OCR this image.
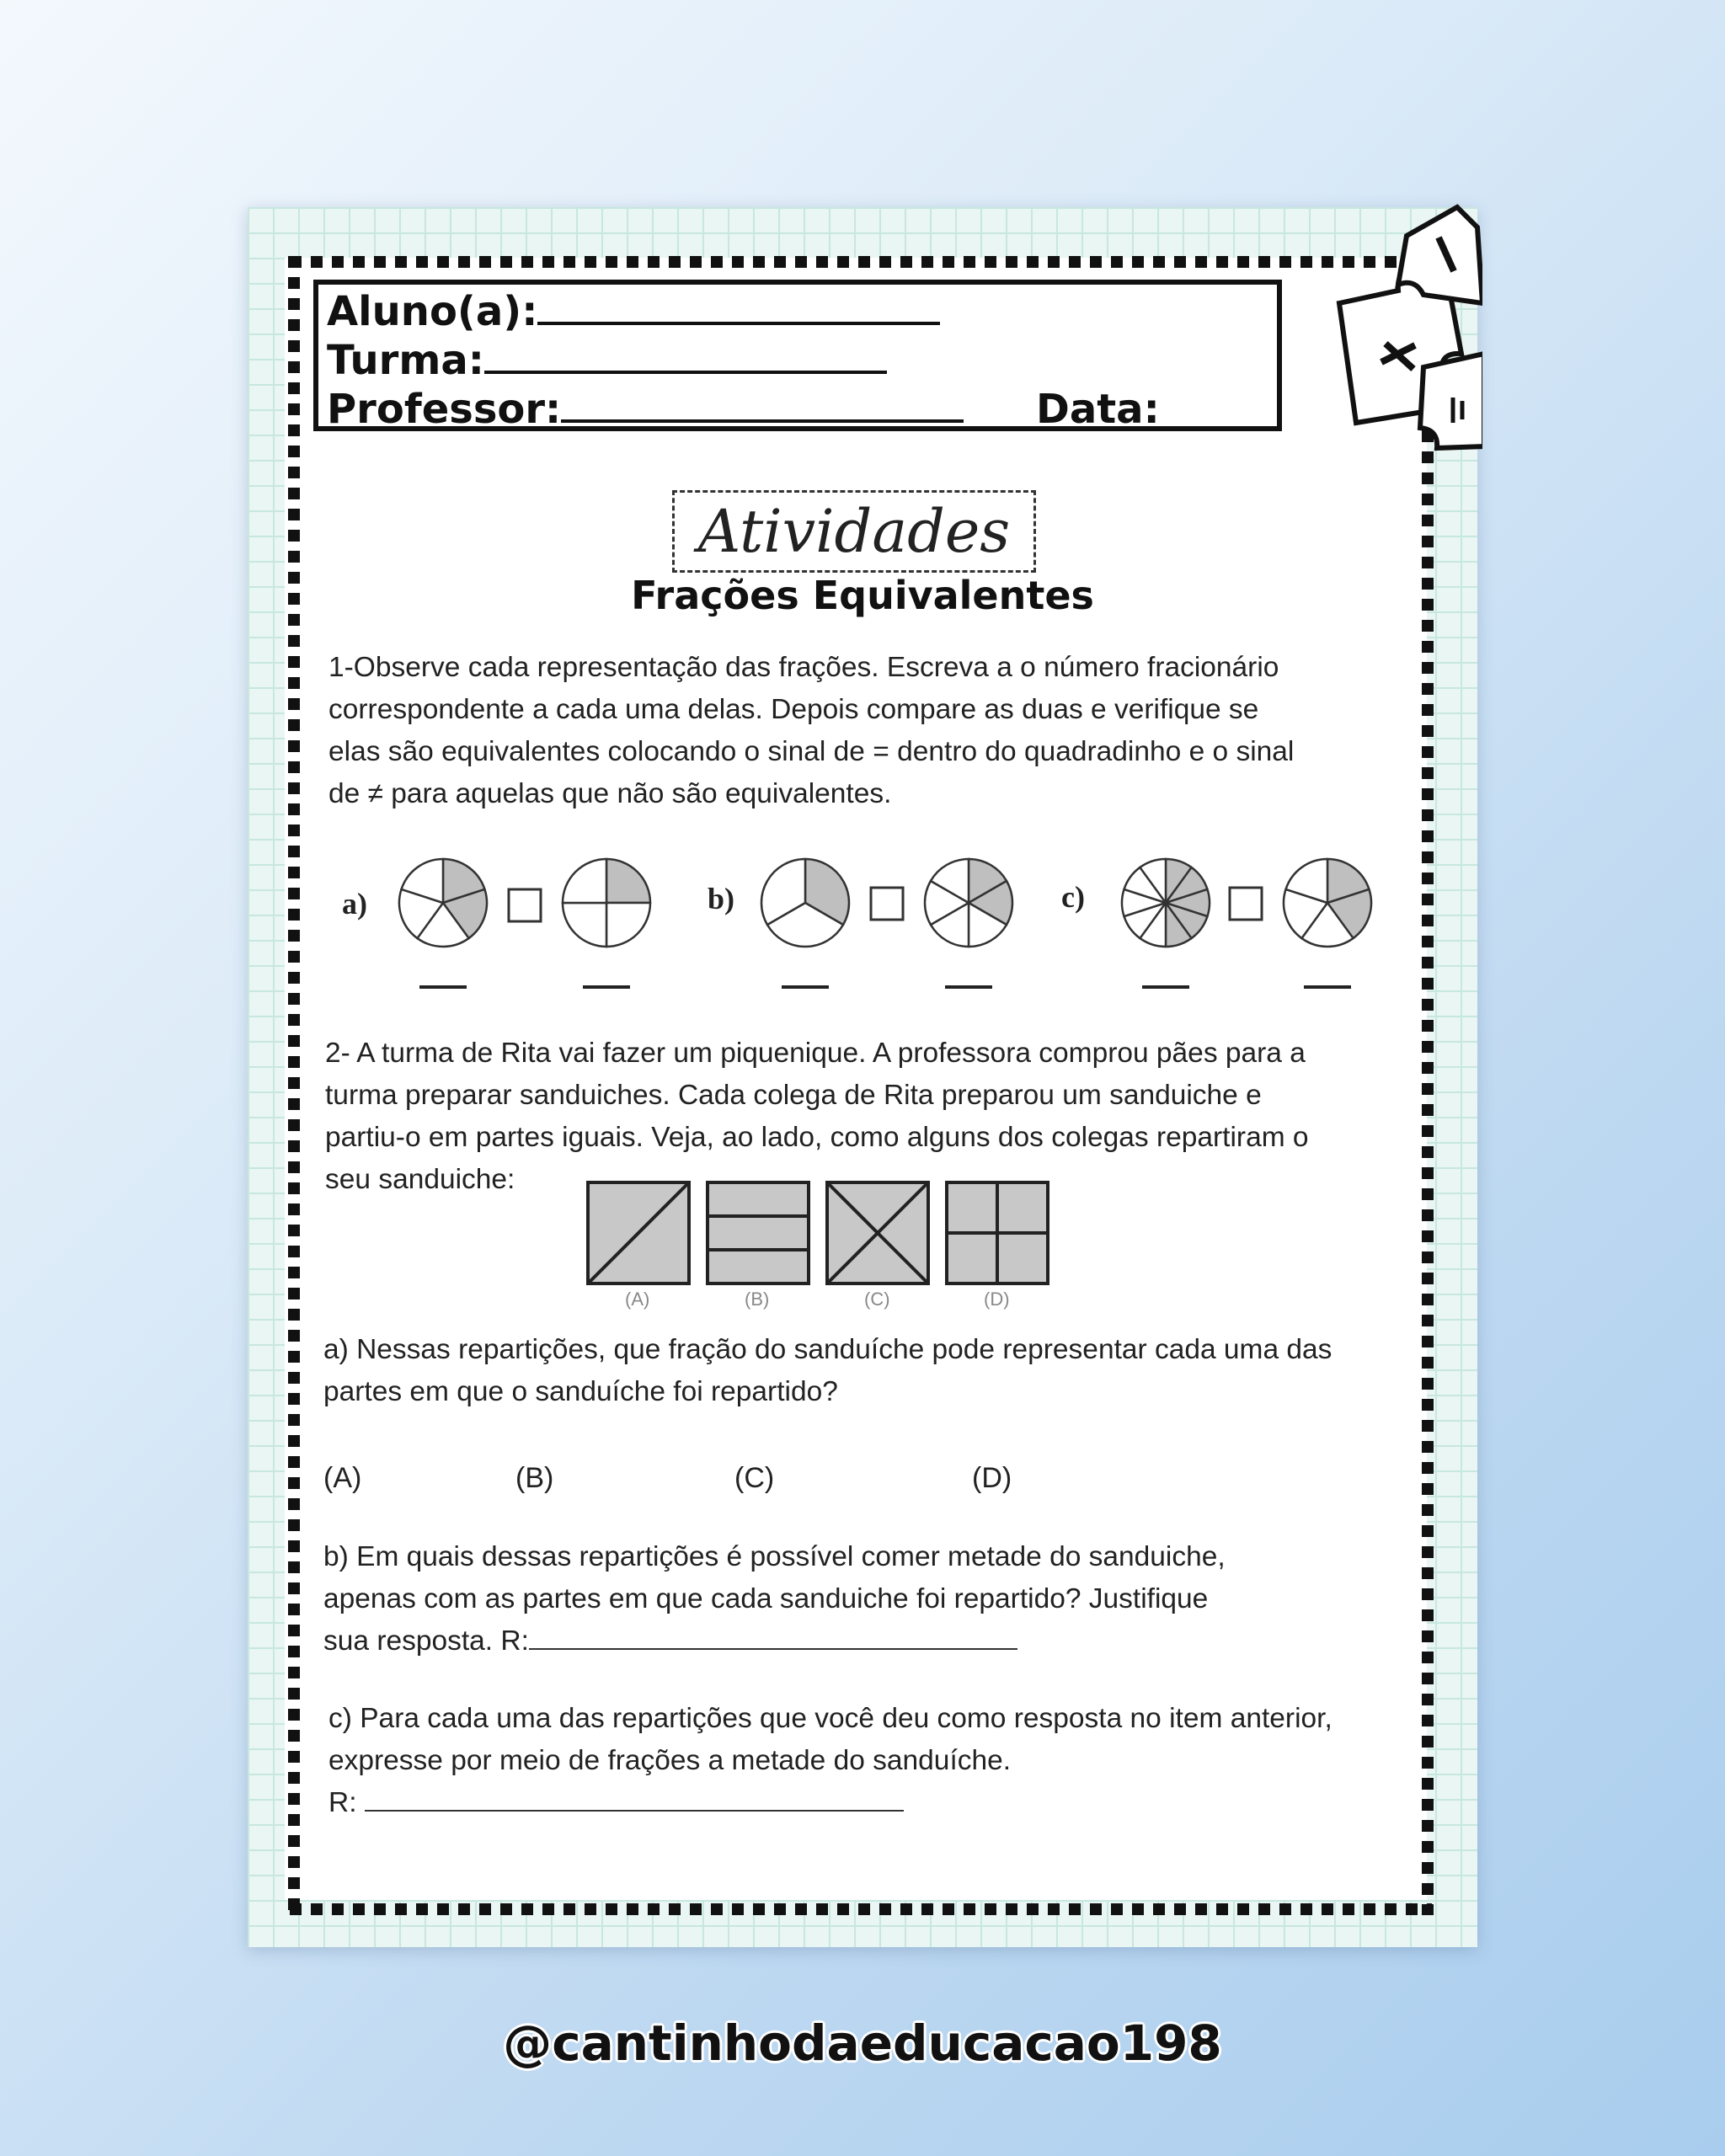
Aluno(a):
Turma:
Professor:	Data:
Atividades
Frações Equivalentes
1-Observe cada representação das frações. Escreva a o número fracionário
correspondente a cada uma delas. Depois compare as duas e verifique se
elas são equivalentes colocando o sinal de = dentro do quadradinho e o sinal
de ≠ para aquelas que não são equivalentes.
a)	b)	c)
2- A turma de Rita vai fazer um piquenique. A professora comprou pães para a
turma preparar sanduiches. Cada colega de Rita preparou um sanduiche e
partiu-o em partes iguais. Veja, ao lado, como alguns dos colegas repartiram o
seu sanduiche:
(A)	(B)	(C)	(D)
a) Nessas repartições, que fração do sanduíche pode representar cada uma das
partes em que o sanduíche foi repartido?
(A)	(B)	(C)	(D)
b) Em quais dessas repartições é possível comer metade do sanduiche,
apenas com as partes em que cada sanduiche foi repartido? Justifique
sua resposta. R:
c) Para cada uma das repartições que você deu como resposta no item anterior,
expresse por meio de frações a metade do sanduíche.
R:
@cantinhodaeducacao198
